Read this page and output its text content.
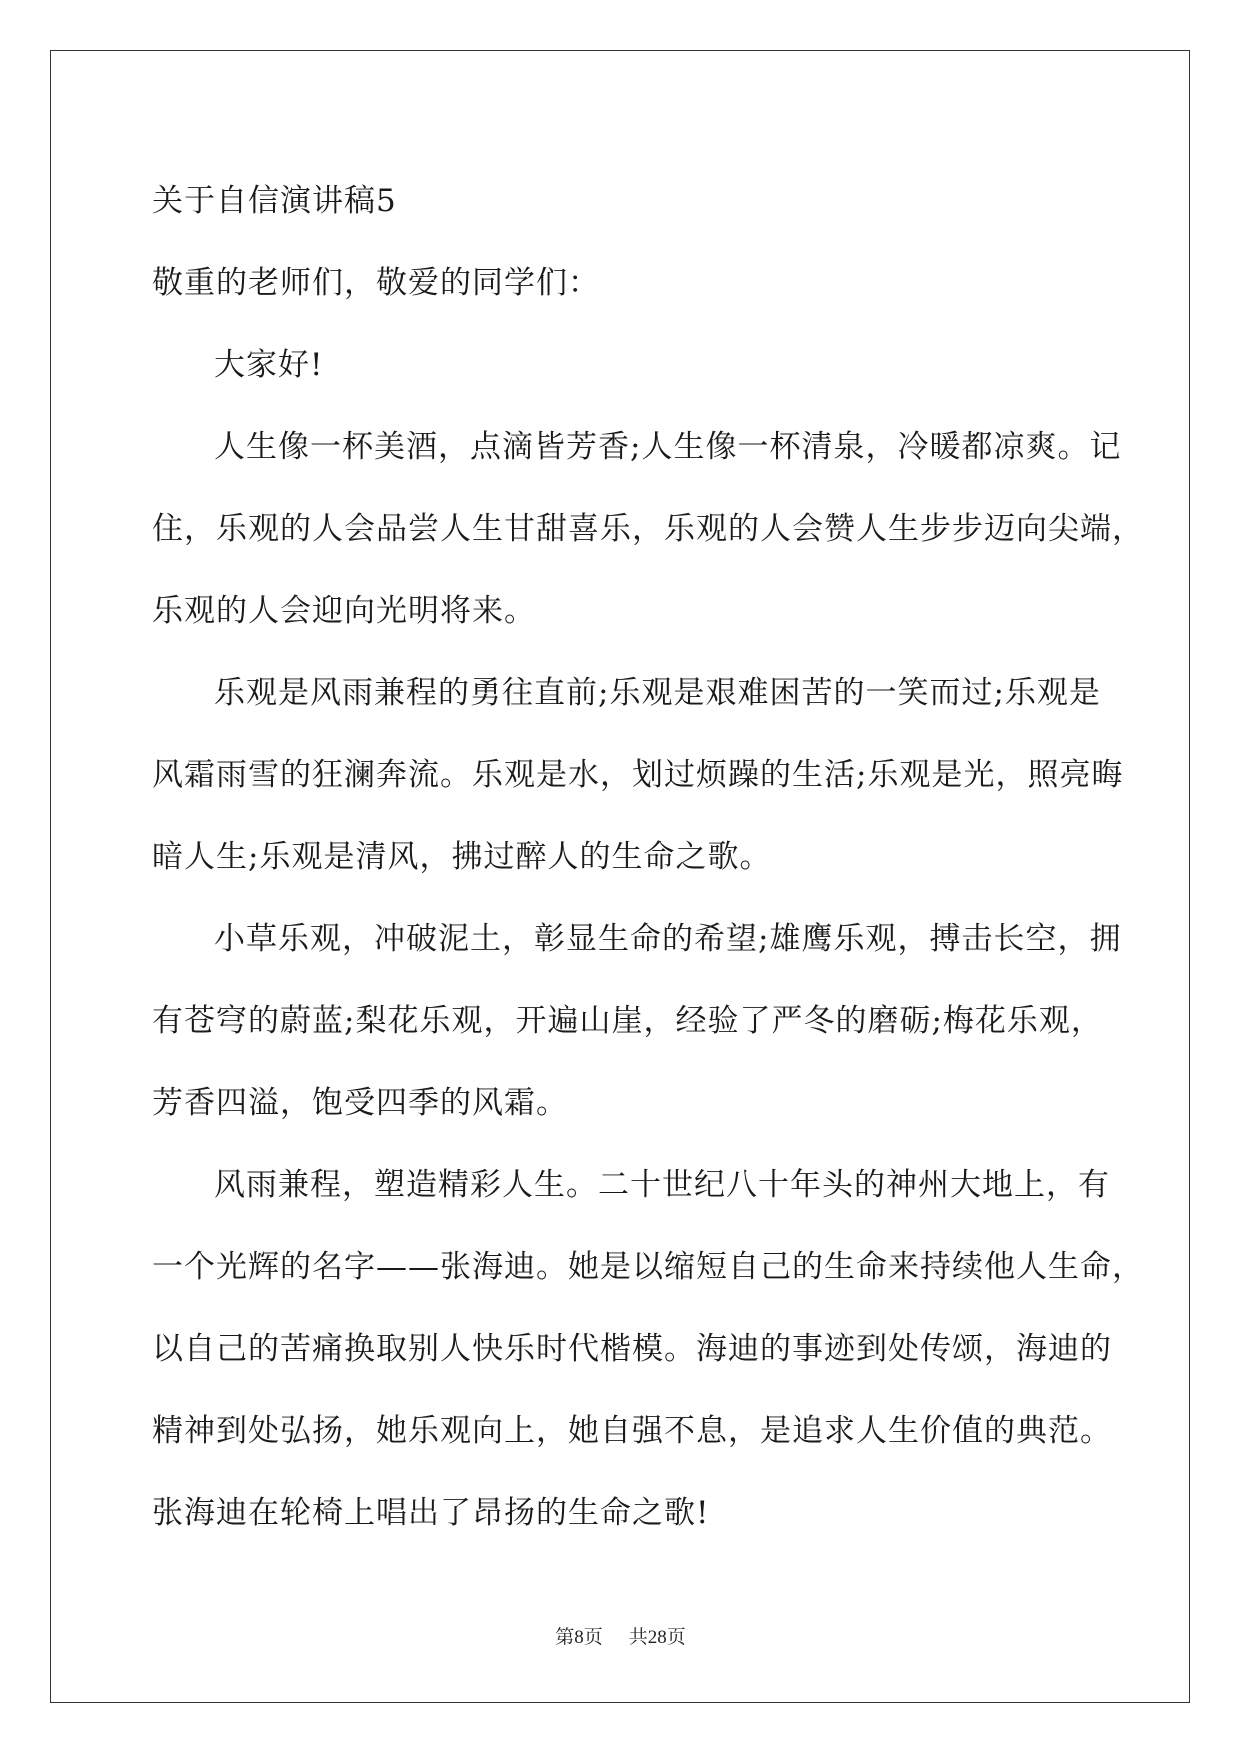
关于自信演讲稿5
敬重的老师们，敬爱的同学们：
大家好!
人生像一杯美酒，点滴皆芳香;人生像一杯清泉，冷暖都凉爽。记
住，乐观的人会品尝人生甘甜喜乐，乐观的人会赞人生步步迈向尖端，
乐观的人会迎向光明将来。
乐观是风雨兼程的勇往直前;乐观是艰难困苦的一笑而过;乐观是
风霜雨雪的狂澜奔流。乐观是水，划过烦躁的生活;乐观是光，照亮晦
暗人生;乐观是清风，拂过醉人的生命之歌。
小草乐观，冲破泥土，彰显生命的希望;雄鹰乐观，搏击长空，拥
有苍穹的蔚蓝;梨花乐观，开遍山崖，经验了严冬的磨砺;梅花乐观，
芳香四溢，饱受四季的风霜。
风雨兼程，塑造精彩人生。二十世纪八十年头的神州大地上，有
一个光辉的名字——张海迪。她是以缩短自己的生命来持续他人生命，
以自己的苦痛换取别人快乐时代楷模。海迪的事迹到处传颂，海迪的
精神到处弘扬，她乐观向上，她自强不息，是追求人生价值的典范。
张海迪在轮椅上唱出了昂扬的生命之歌!
第8页 共28页
